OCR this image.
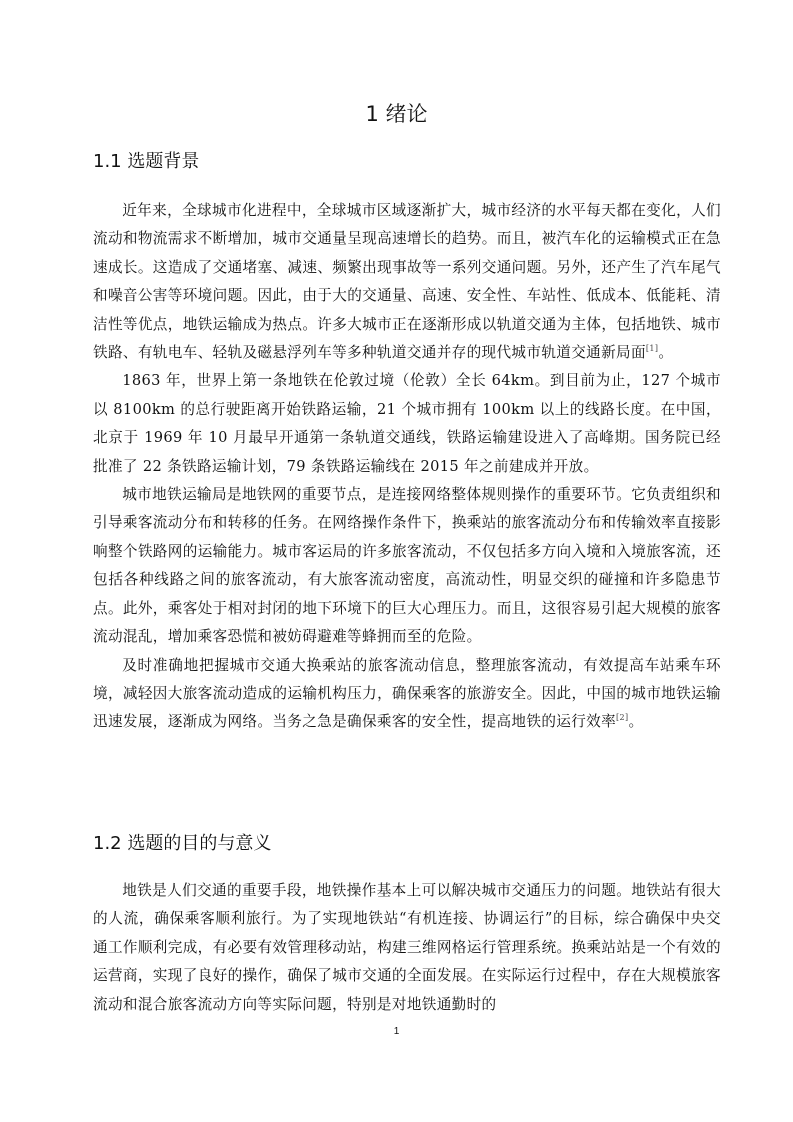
1 绪论
1.1 选题背景

近年来，全球城市化进程中，全球城市区域逐渐扩大，城市经济的水平每天都在变化，人们流动和物流需求不断增加，城市交通量呈现高速增长的趋势。而且，被汽车化的运输模式正在急速成长。这造成了交通堵塞、减速、频繁出现事故等一系列交通问题。另外，还产生了汽车尾气和噪音公害等环境问题。因此，由于大的交通量、高速、安全性、车站性、低成本、低能耗、清洁性等优点，地铁运输成为热点。许多大城市正在逐渐形成以轨道交通为主体，包括地铁、城市铁路、有轨电车、轻轨及磁悬浮列车等多种轨道交通并存的现代城市轨道交通新局面[1]。

1863 年，世界上第一条地铁在伦敦过境（伦敦）全长 64km。到目前为止，127 个城市以 8100km 的总行驶距离开始铁路运输，21 个城市拥有 100km 以上的线路长度。在中国，北京于 1969 年 10 月最早开通第一条轨道交通线，铁路运输建设进入了高峰期。国务院已经批准了 22 条铁路运输计划，79 条铁路运输线在 2015 年之前建成并开放。

城市地铁运输局是地铁网的重要节点，是连接网络整体规则操作的重要环节。它负责组织和引导乘客流动分布和转移的任务。在网络操作条件下，换乘站的旅客流动分布和传输效率直接影响整个铁路网的运输能力。城市客运局的许多旅客流动，不仅包括多方向入境和入境旅客流，还包括各种线路之间的旅客流动，有大旅客流动密度，高流动性，明显交织的碰撞和许多隐患节点。此外，乘客处于相对封闭的地下环境下的巨大心理压力。而且，这很容易引起大规模的旅客流动混乱，增加乘客恐慌和被妨碍避难等蜂拥而至的危险。

及时准确地把握城市交通大换乘站的旅客流动信息，整理旅客流动，有效提高车站乘车环境，减轻因大旅客流动造成的运输机构压力，确保乘客的旅游安全。因此，中国的城市地铁运输迅速发展，逐渐成为网络。当务之急是确保乘客的安全性，提高地铁的运行效率[2]。

1.2 选题的目的与意义

地铁是人们交通的重要手段，地铁操作基本上可以解决城市交通压力的问题。地铁站有很大的人流，确保乘客顺利旅行。为了实现地铁站“有机连接、协调运行”的目标，综合确保中央交通工作顺利完成，有必要有效管理移动站，构建三维网格运行管理系统。换乘站站是一个有效的运营商，实现了良好的操作，确保了城市交通的全面发展。在实际运行过程中，存在大规模旅客流动和混合旅客流动方向等实际问题，特别是对地铁通勤时的

1
